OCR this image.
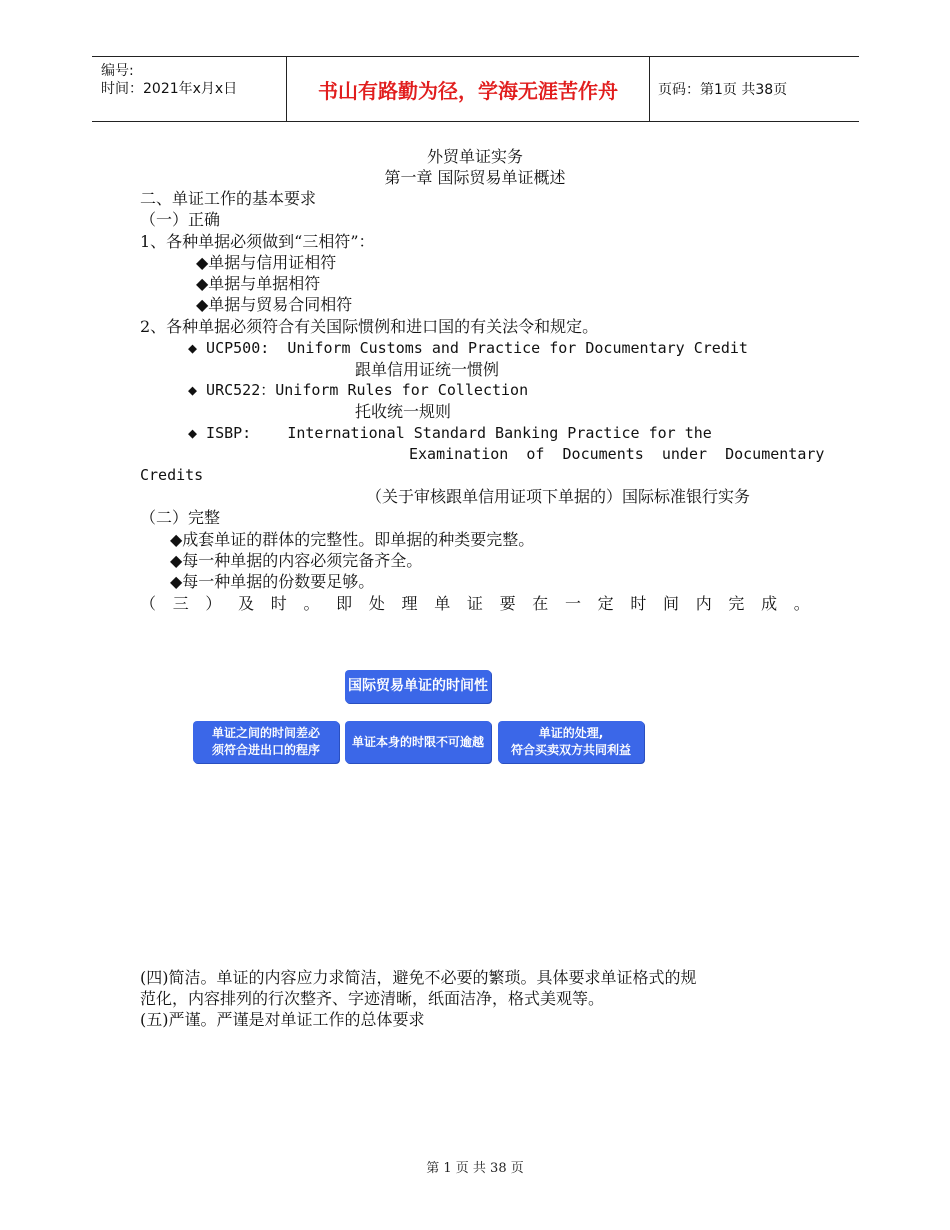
编号:
时间：2021年x月x日	书山有路勤为径，学海无涯苦作舟	页码：第1页 共38页
外贸单证实务
第一章 国际贸易单证概述
二、单证工作的基本要求
（一）正确
1、各种单据必须做到“三相符”：
◆单据与信用证相符
◆单据与单据相符
◆单据与贸易合同相符
2、各种单据必须符合有关国际惯例和进口国的有关法令和规定。
◆ UCP500:  Uniform Customs and Practice for Documentary Credit
跟单信用证统一惯例
◆ URC522：Uniform Rules for Collection
托收统一规则
◆ ISBP:    International Standard Banking Practice for the
Examination  of  Documents  under  Documentary
Credits
（关于审核跟单信用证项下单据的）国际标准银行实务
（二）完整
◆成套单证的群体的完整性。即单据的种类要完整。
◆每一种单据的内容必须完备齐全。
◆每一种单据的份数要足够。
（ 三 ） 及 时 。 即 处 理 单 证 要 在 一 定 时 间 内 完 成 。
国际贸易单证的时间性
单证之间的时间差必
须符合进出口的程序
单证本身的时限不可逾越
单证的处理,
符合买卖双方共同利益
(四)简洁。单证的内容应力求简洁，避免不必要的繁琐。具体要求单证格式的规
范化，内容排列的行次整齐、字迹清晰，纸面洁净，格式美观等。
(五)严谨。严谨是对单证工作的总体要求
第 1 页 共 38 页
